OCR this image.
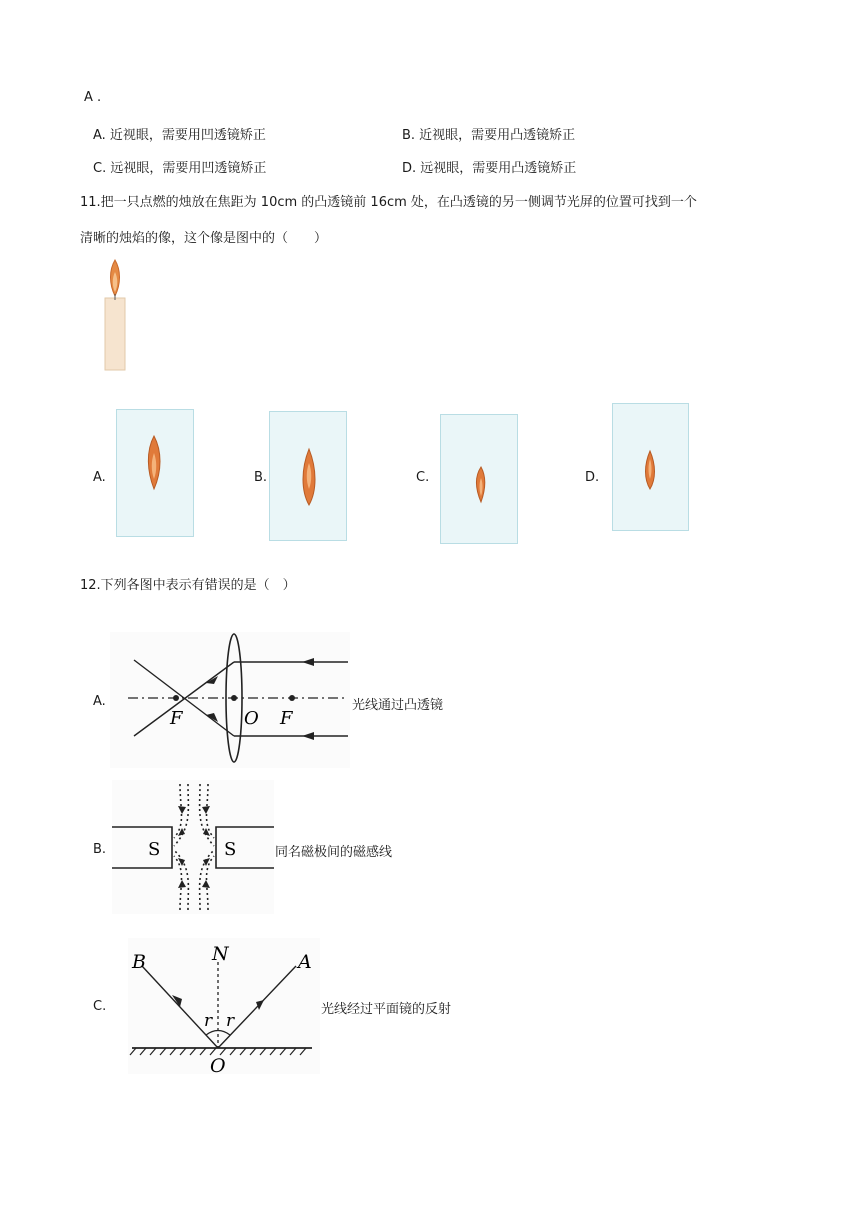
A .
A. 近视眼，需要用凹透镜矫正	B. 近视眼，需要用凸透镜矫正
C. 远视眼，需要用凹透镜矫正	D. 远视眼，需要用凸透镜矫正
11.把一只点燃的烛放在焦距为 10cm 的凸透镜前 16cm 处，在凸透镜的另一侧调节光屏的位置可找到一个
清晰的烛焰的像，这个像是图中的（　　）
A.	B.	C.	D.
12.下列各图中表示有错误的是（　）
A.
F	O F
光线通过凸透镜
B. S	S	同名磁极间的磁感线
C.
B	N	A
r r
O
光线经过平面镜的反射
